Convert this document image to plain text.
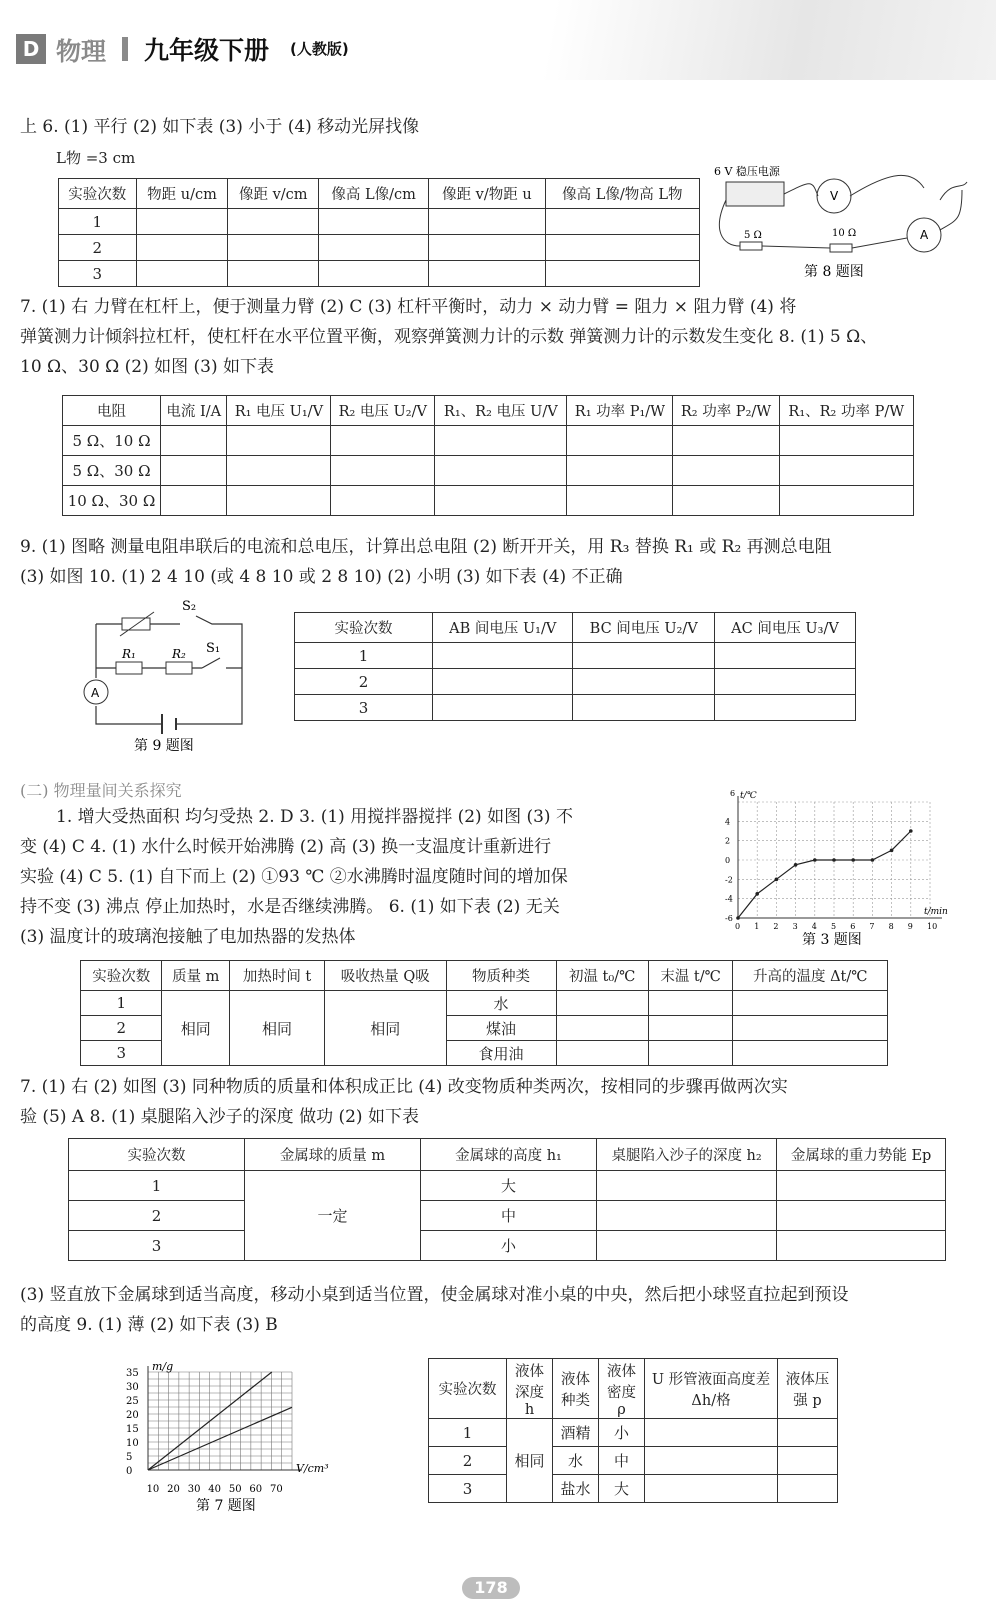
D 物理 九年级下册 (人教版)
上 6. (1) 平行 (2) 如下表 (3) 小于 (4) 移动光屏找像
L物 =3 cm
实验次数	物距 u/cm	像距 v/cm	像高 L像/cm	像距 v/物距 u	像高 L像/物高 L物
1					
2					
3					
6 V 稳压电源
V
A
5 Ω	10 Ω
第 8 题图
7. (1) 右 力臂在杠杆上，便于测量力臂 (2) C (3) 杠杆平衡时，动力 × 动力臂 = 阻力 × 阻力臂 (4) 将
弹簧测力计倾斜拉杠杆，使杠杆在水平位置平衡，观察弹簧测力计的示数 弹簧测力计的示数发生变化 8. (1) 5 Ω、
10 Ω、30 Ω (2) 如图 (3) 如下表
电阻	电流 I/A	R₁ 电压 U₁/V	R₂ 电压 U₂/V	R₁、R₂ 电压 U/V	R₁ 功率 P₁/W	R₂ 功率 P₂/W	R₁、R₂ 功率 P/W
5 Ω、10 Ω							
5 Ω、30 Ω							
10 Ω、30 Ω							
9. (1) 图略 测量电阻串联后的电流和总电压，计算出总电阻 (2) 断开开关，用 R₃ 替换 R₁ 或 R₂ 再测总电阻
(3) 如图 10. (1) 2 4 10 (或 4 8 10 或 2 8 10) (2) 小明 (3) 如下表 (4) 不正确
A
S₂
S₁
R₁	R₂
第 9 题图
实验次数	AB 间电压 U₁/V	BC 间电压 U₂/V	AC 间电压 U₃/V
1			
2			
3			
(二) 物理量间关系探究
1. 增大受热面积 均匀受热 2. D 3. (1) 用搅拌器搅拌 (2) 如图 (3) 不
变 (4) C 4. (1) 水什么时候开始沸腾 (2) 高 (3) 换一支温度计重新进行
实验 (4) C 5. (1) 自下而上 (2) ①93 ℃ ②水沸腾时温度随时间的增加保
持不变 (3) 沸点 停止加热时，水是否继续沸腾。 6. (1) 如下表 (2) 无关
(3) 温度计的玻璃泡接触了电加热器的发热体
0 1 2 3 4 5 6 7 8 9 10
4
2
0
-2
-4
-6
t/℃
t/min
6
第 3 题图
实验次数	质量 m	加热时间 t	吸收热量 Q吸	物质种类	初温 t₀/℃	末温 t/℃	升高的温度 Δt/℃
1	相同	相同	相同	水			
2				煤油			
3				食用油			
7. (1) 右 (2) 如图 (3) 同种物质的质量和体积成正比 (4) 改变物质种类两次，按相同的步骤再做两次实
验 (5) A 8. (1) 桌腿陷入沙子的深度 做功 (2) 如下表
实验次数	金属球的质量 m	金属球的高度 h₁	桌腿陷入沙子的深度 h₂	金属球的重力势能 Ep
1	一定	大		
2		中		
3		小		
(3) 竖直放下金属球到适当高度，移动小桌到适当位置，使金属球对准小桌的中央，然后把小球竖直拉起到预设
的高度 9. (1) 薄 (2) 如下表 (3) B
35
30
25
20
15
10
5
0
10 20 30 40 50 60 70
m/g
V/cm³
第 7 题图
实验次数	液体深度 h	液体种类	液体密度 ρ	U 形管液面高度差 Δh/格	液体压强 p
1	相同	酒精	小		
2		水	中		
3		盐水	大		
178
